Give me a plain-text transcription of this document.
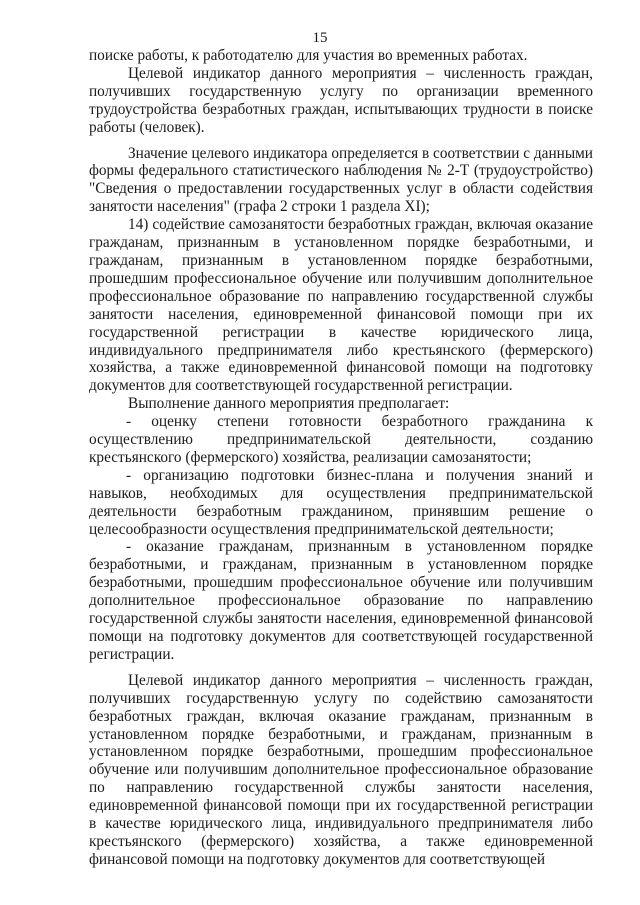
15

поиске работы, к работодателю для участия во временных работах.

Целевой индикатор данного мероприятия – численность граждан, получивших государственную услугу по организации временного трудоустройства безработных граждан, испытывающих трудности в поиске работы (человек).

Значение целевого индикатора определяется в соответствии с данными формы федерального статистического наблюдения № 2-Т (трудоустройство) "Сведения о предоставлении государственных услуг в области содействия занятости населения" (графа 2 строки 1 раздела XI);

14) содействие самозанятости безработных граждан, включая оказание гражданам, признанным в установленном порядке безработными, и гражданам, признанным в установленном порядке безработными, прошедшим профессиональное обучение или получившим дополнительное профессиональное образование по направлению государственной службы занятости населения, единовременной финансовой помощи при их государственной регистрации в качестве юридического лица, индивидуального предпринимателя либо крестьянского (фермерского) хозяйства, а также единовременной финансовой помощи на подготовку документов для соответствующей государственной регистрации.

Выполнение данного мероприятия предполагает:

- оценку степени готовности безработного гражданина к осуществлению предпринимательской деятельности, созданию крестьянского (фермерского) хозяйства, реализации самозанятости;

- организацию подготовки бизнес-плана и получения знаний и навыков, необходимых для осуществления предпринимательской деятельности безработным гражданином, принявшим решение о целесообразности осуществления предпринимательской деятельности;

- оказание гражданам, признанным в установленном порядке безработными, и гражданам, признанным в установленном порядке безработными, прошедшим профессиональное обучение или получившим дополнительное профессиональное образование по направлению государственной службы занятости населения, единовременной финансовой помощи на подготовку документов для соответствующей государственной регистрации.

Целевой индикатор данного мероприятия – численность граждан, получивших государственную услугу по содействию самозанятости безработных граждан, включая оказание гражданам, признанным в установленном порядке безработными, и гражданам, признанным в установленном порядке безработными, прошедшим профессиональное обучение или получившим дополнительное профессиональное образование по направлению государственной службы занятости населения, единовременной финансовой помощи при их государственной регистрации в качестве юридического лица, индивидуального предпринимателя либо крестьянского (фермерского) хозяйства, а также единовременной финансовой помощи на подготовку документов для соответствующей
